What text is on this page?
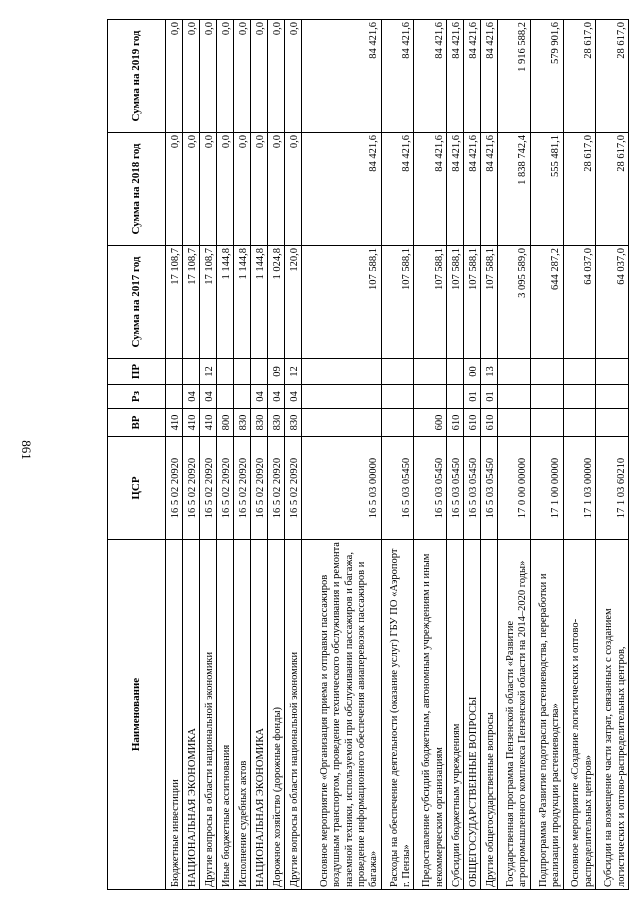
861
Наименование	ЦСР	ВР	Рз	ПР	Сумма на 2017 год	Сумма на 2018 год	Сумма на 2019 год
Бюджетные инвестиции	16 5 02 20920	410			17 108,7	0,0	0,0
НАЦИОНАЛЬНАЯ ЭКОНОМИКА	16 5 02 20920	410	04		17 108,7	0,0	0,0
Другие вопросы в области национальной экономики	16 5 02 20920	410	04	12	17 108,7	0,0	0,0
Иные бюджетные ассигнования	16 5 02 20920	800			1 144,8	0,0	0,0
Исполнение судебных актов	16 5 02 20920	830			1 144,8	0,0	0,0
НАЦИОНАЛЬНАЯ ЭКОНОМИКА	16 5 02 20920	830	04		1 144,8	0,0	0,0
Дорожное хозяйство (дорожные фонды)	16 5 02 20920	830	04	09	1 024,8	0,0	0,0
Другие вопросы в области национальной экономики	16 5 02 20920	830	04	12	120,0	0,0	0,0
Основное мероприятие «Организация приема и отправки пассажиров воздушным транспортом, проведение технического обслуживания и ремонта наземной техники, используемой при обслуживании пассажиров и багажа, проведение информационного обеспечения авиаперевозок пассажиров и багажа»	16 5 03 00000				107 588,1	84 421,6	84 421,6
Расходы на обеспечение деятельности (оказание услуг) ГБУ ПО «Аэропорт г. Пензы»	16 5 03 05450				107 588,1	84 421,6	84 421,6
Предоставление субсидий бюджетным, автономным учреждениям и иным некоммерческим организациям	16 5 03 05450	600			107 588,1	84 421,6	84 421,6
Субсидии бюджетным учреждениям	16 5 03 05450	610			107 588,1	84 421,6	84 421,6
ОБЩЕГОСУДАРСТВЕННЫЕ ВОПРОСЫ	16 5 03 05450	610	01	00	107 588,1	84 421,6	84 421,6
Другие общегосударственные вопросы	16 5 03 05450	610	01	13	107 588,1	84 421,6	84 421,6
Государственная программа Пензенской области «Развитие агропромышленного комплекса Пензенской области на 2014–2020 годы»	17 0 00 00000				3 095 589,0	1 838 742,4	1 916 588,2
Подпрограмма «Развитие подотрасли растениеводства, переработки и реализации продукции растениеводства»	17 1 00 00000				644 287,2	555 481,1	579 901,6
Основное мероприятие «Создание логистических и оптово-распределительных центров»	17 1 03 00000				64 037,0	28 617,0	28 617,0
Субсидии на возмещение части затрат, связанных с созданием логистических и оптово-распределительных центров,	17 1 03 60210				64 037,0	28 617,0	28 617,0
